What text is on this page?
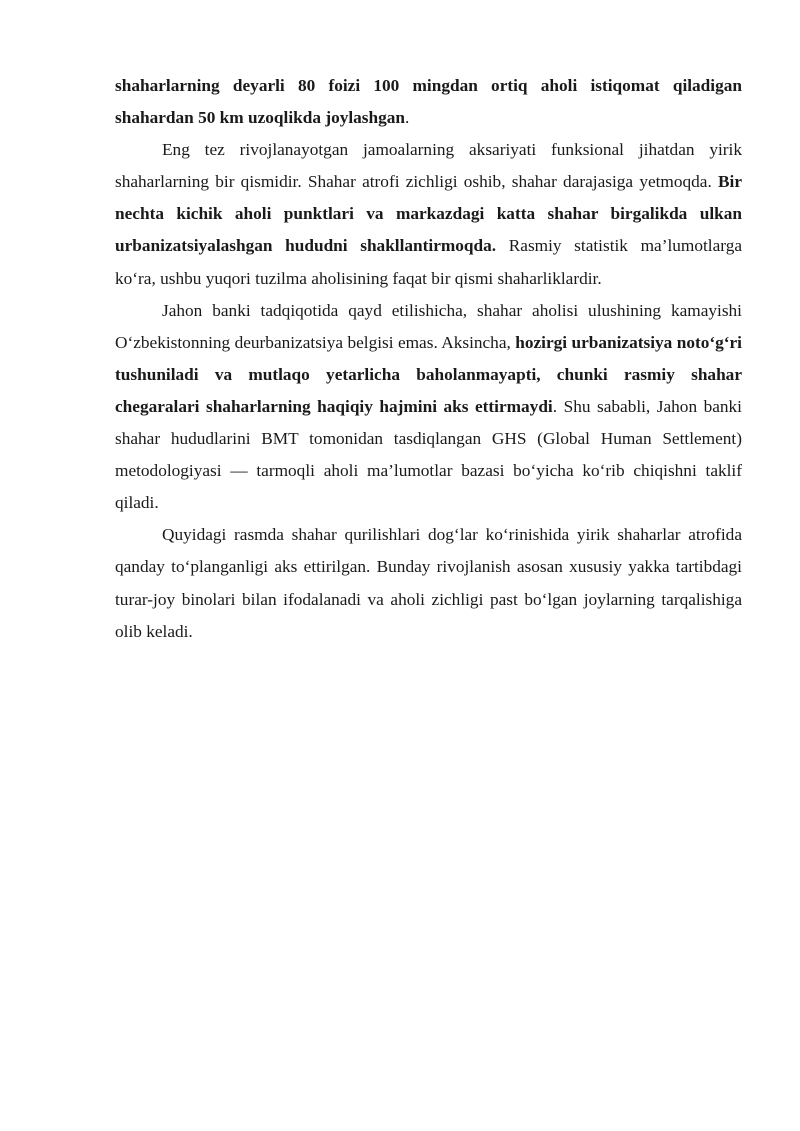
shaharlarning deyarli 80 foizi 100 mingdan ortiq aholi istiqomat qiladigan shahardan 50 km uzoqlikda joylashgan.

Eng tez rivojlanayotgan jamoalarning aksariyati funksional jihatdan yirik shaharlarning bir qismidir. Shahar atrofi zichligi oshib, shahar darajasiga yetmoqda. Bir nechta kichik aholi punktlari va markazdagi katta shahar birgalikda ulkan urbanizatsiyalashgan hududni shakllantirmoqda. Rasmiy statistik ma’lumotlarga ko‘ra, ushbu yuqori tuzilma aholisining faqat bir qismi shaharliklardir.

Jahon banki tadqiqotida qayd etilishicha, shahar aholisi ulushining kamayishi O‘zbekistonning deurbanizatsiya belgisi emas. Aksincha, hozirgi urbanizatsiya noto‘g‘ri tushuniladi va mutlaqo yetarlicha baholanmayapti, chunki rasmiy shahar chegaralari shaharlarning haqiqiy hajmini aks ettirmaydi. Shu sababli, Jahon banki shahar hududlarini BMT tomonidan tasdiqlangan GHS (Global Human Settlement) metodologiyasi — tarmoqli aholi ma’lumotlar bazasi bo‘yicha ko‘rib chiqishni taklif qiladi.

Quyidagi rasmda shahar qurilishlari dog‘lar ko‘rinishida yirik shaharlar atrofida qanday to‘planganligi aks ettirilgan. Bunday rivojlanish asosan xususiy yakka tartibdagi turar-joy binolari bilan ifodalanadi va aholi zichligi past bo‘lgan joylarning tarqalishiga olib keladi.
